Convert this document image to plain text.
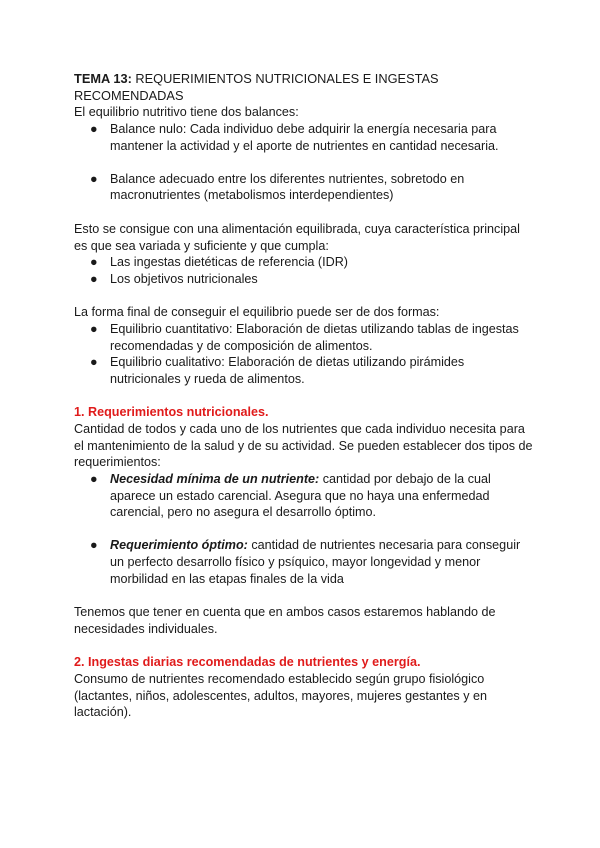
TEMA 13: REQUERIMIENTOS NUTRICIONALES E INGESTAS RECOMENDADAS

El equilibrio nutritivo tiene dos balances:

● Balance nulo: Cada individuo debe adquirir la energía necesaria para mantener la actividad y el aporte de nutrientes en cantidad necesaria.
● Balance adecuado entre los diferentes nutrientes, sobretodo en macronutrientes (metabolismos interdependientes)

Esto se consigue con una alimentación equilibrada, cuya característica principal es que sea variada y suficiente y que cumpla:

● Las ingestas dietéticas de referencia (IDR)
● Los objetivos nutricionales

La forma final de conseguir el equilibrio puede ser de dos formas:

● Equilibrio cuantitativo: Elaboración de dietas utilizando tablas de ingestas recomendadas y de composición de alimentos.
● Equilibrio cualitativo: Elaboración de dietas utilizando pirámides nutricionales y rueda de alimentos.

1. Requerimientos nutricionales.

Cantidad de todos y cada uno de los nutrientes que cada individuo necesita para el mantenimiento de la salud y de su actividad. Se pueden establecer dos tipos de requerimientos:

● Necesidad mínima de un nutriente: cantidad por debajo de la cual aparece un estado carencial. Asegura que no haya una enfermedad carencial, pero no asegura el desarrollo óptimo.
● Requerimiento óptimo: cantidad de nutrientes necesaria para conseguir un perfecto desarrollo físico y psíquico, mayor longevidad y menor morbilidad en las etapas finales de la vida

Tenemos que tener en cuenta que en ambos casos estaremos hablando de necesidades individuales.

2. Ingestas diarias recomendadas de nutrientes y energía.

Consumo de nutrientes recomendado establecido según grupo fisiológico (lactantes, niños, adolescentes, adultos, mayores, mujeres gestantes y en lactación).
